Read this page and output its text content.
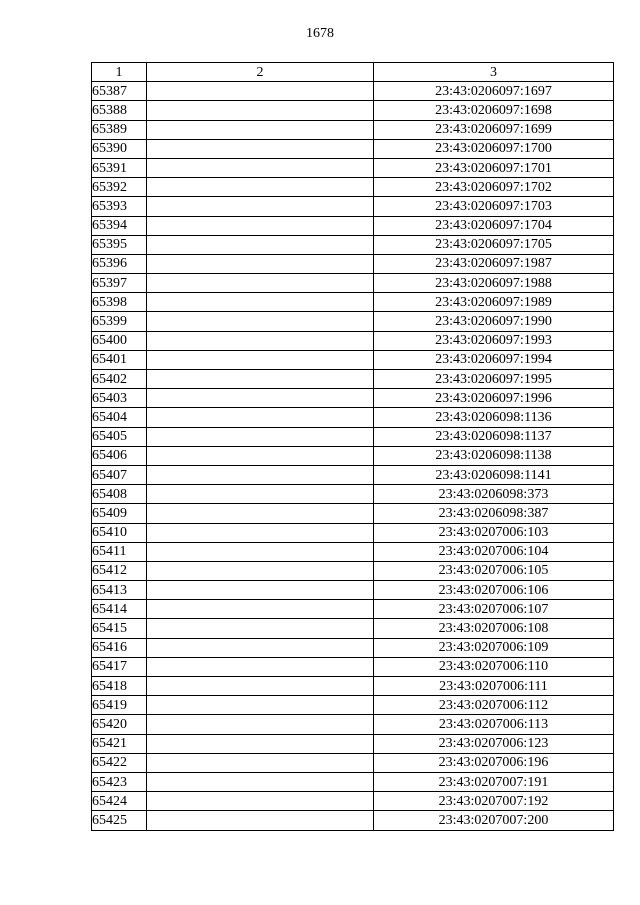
1678
1	2	3
65387		23:43:0206097:1697
65388		23:43:0206097:1698
65389		23:43:0206097:1699
65390		23:43:0206097:1700
65391		23:43:0206097:1701
65392		23:43:0206097:1702
65393		23:43:0206097:1703
65394		23:43:0206097:1704
65395		23:43:0206097:1705
65396		23:43:0206097:1987
65397		23:43:0206097:1988
65398		23:43:0206097:1989
65399		23:43:0206097:1990
65400		23:43:0206097:1993
65401		23:43:0206097:1994
65402		23:43:0206097:1995
65403		23:43:0206097:1996
65404		23:43:0206098:1136
65405		23:43:0206098:1137
65406		23:43:0206098:1138
65407		23:43:0206098:1141
65408		23:43:0206098:373
65409		23:43:0206098:387
65410		23:43:0207006:103
65411		23:43:0207006:104
65412		23:43:0207006:105
65413		23:43:0207006:106
65414		23:43:0207006:107
65415		23:43:0207006:108
65416		23:43:0207006:109
65417		23:43:0207006:110
65418		23:43:0207006:111
65419		23:43:0207006:112
65420		23:43:0207006:113
65421		23:43:0207006:123
65422		23:43:0207006:196
65423		23:43:0207007:191
65424		23:43:0207007:192
65425		23:43:0207007:200
